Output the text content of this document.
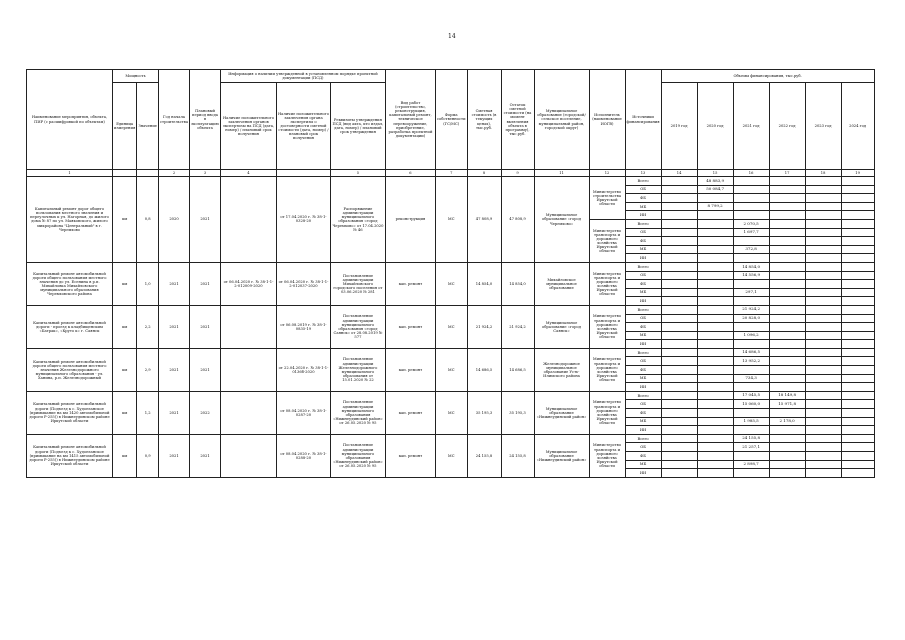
14
Наименование мероприятия, объекта, ПИР (с расшифровкой по объектам)	Мощность		Год начала строительства	Плановый период ввода в эксплуатацию объекта	Информация о наличии утвержденной в установленном порядке проектной документации (ПСД)			Вид работ (строительство, реконструкция, капитальный ремонт, техническое перевооружение, приобретение, разработка проектной документации)	Форма собственности (ГС/МС)	Сметная стоимость (в текущих ценах), тыс.руб.	Остаток сметной стоимости (на момент включения объекта в программу), тыс.руб.	Муниципальное образование (городской/сельское поселение, муниципальный район, городской округ)	Исполнитель (наименование ИОГВ)	Источники финансирования	Объемы финансирования, тыс.руб.					
	Единица измерения	Значение			Наличие положительного заключения органов экспертизы на ПСД (дата, номер) / плановый срок получения	Наличие положительного заключения органа экспертизы о достоверности сметной стоимости (дата, номер) / плановый срок получения	Реквизиты утверждения ПСД (вид акта, кто издал, дата, номер) / плановый срок утверждения								2019 год	2020 год	2021 год	2022 год	2023 год	2024 год
1			2	3	4		5	6	7	8	9	11	12	13	14	15	16	17	18	19
Капитальный ремонт дорог общего пользования местного значения и переулочных к ул. Нагорная, до жилого дома № 87 по ул. Маяковского, жилого микрорайона "Центральный" в г. Черемхово	км	0,8	2020	2021		от 17.04.2020 г. № 38-1-0328-20	Распоряжение администрации муниципального образования «город Черемхово» от 17.04.2020 № 46	реконструкция	МС	47 808,9	47 808,9	Муниципальное образование «город Черемхово»	Министерство строительства Иркутской области	Всего		48 883,9				
														ОБ		50 084,7				
														ФБ						
														МБ		8 799,2				
														ИИ						
													Министерство транспорта и дорожного хозяйства Иркутской области	Всего			2 070,5			
														ОБ			1 697,7			
														ФБ						
														МБ			372,8			
														ИИ						
Капитальный ремонт автомобильной дороги общего пользования местного значения до ул. Есенина в р.п. Михайловка Михайловского муниципального образования Черемховского района	км	1,0	2021	2021	от 06.04.2020 г. № 38-1-1-2-012009-2020	от 06.04.2020 г. № 38-1-1-2-012037-2020	Постановление администрации Михайловского городского поселения от 03.06.2020 № 281	кап. ремонт	МС	14 854,0	14 854,0	Михайловское муниципальное образование	Министерство транспорта и дорожного хозяйства Иркутской области	Всего			14 854,0			
														ОБ			14 556,9			
														ФБ						
														МБ			297,1			
														ИИ						
Капитальный ремонт автомобильной дороги - проезд к кладбищенским «Батрак», «Круто к» г. Саянск	км	2,2	2021	2021		от 06.08.2019 г. № 38-1-0835-19	Постановление администрации муниципального образования «город Саянск» от 28.08.2019 № 577	кап. ремонт	МС	21 924,2	21 924,2	Муниципальное образование «город Саянск»	Министерство транспорта и дорожного хозяйства Иркутской области	Всего			21 924,2			
														ОБ			20 828,0			
														ФБ						
														МБ			1 096,2			
														ИИ						
Капитальный ремонт автомобильной дороги общего пользования местного значения Железнодорожного муниципального образования - ул. Ханина, р.п. Железнодорожный	км	2,9	2021	2021		от 22.04.2020 г. № 38-1-1-0136б-2020	Постановление администрации Железнодорожного муниципального образования от 15.01.2020 № 22	кап. ремонт	МС	14 686,5	14 686,5	Железнодорожное муниципальное образование Усть-Илимского района	Министерство транспорта и дорожного хозяйства Иркутской области	Всего			14 686,5			
														ОБ			13 952,2			
														ФБ						
														МБ			734,3			
														ИИ						
Капитальный ремонт автомобильной дороги (Подъезд к с. Худоеланское (примыкание на км 1420 автомобильной дороги Р-255)) в Нижнеудинском районе Иркутской области	км	1,2	2021	2022		от 08.04.2020 г. № 38-1-0287-20	Постановление администрации муниципального образования «Нижнеудинский район» от 26.05.2020 № 95	кап. ремонт	МС	35 195,3	35 195,3	Муниципальное образование «Нижнеудинский район»	Министерство транспорта и дорожного хозяйства Иркутской области	Всего			17 045,5	18 149,8		
														ОБ			15 060,0	15 971,8		
														ФБ						
														МБ			1 985,5	2 178,0		
														ИИ						
Капитальный ремонт автомобильной дороги (Подъезд к с. Худоеланское (примыкание на км 1415 автомобильной дороги Р-255)) в Нижнеудинском районе Иркутской области	км	0,9	2021	2021		от 08.04.2020 г. № 38-1-0288-20	Постановление администрации муниципального образования «Нижнеудинский район» от 26.05.2020 № 95	кап. ремонт	МС	24 155,8	24 155,8	Муниципальное образование «Нижнеудинский район»	Министерство транспорта и дорожного хозяйства Иркутской области	Всего			24 155,8			
														ОБ			21 257,1			
														ФБ						
														МБ			2 898,7			
														ИИ						
